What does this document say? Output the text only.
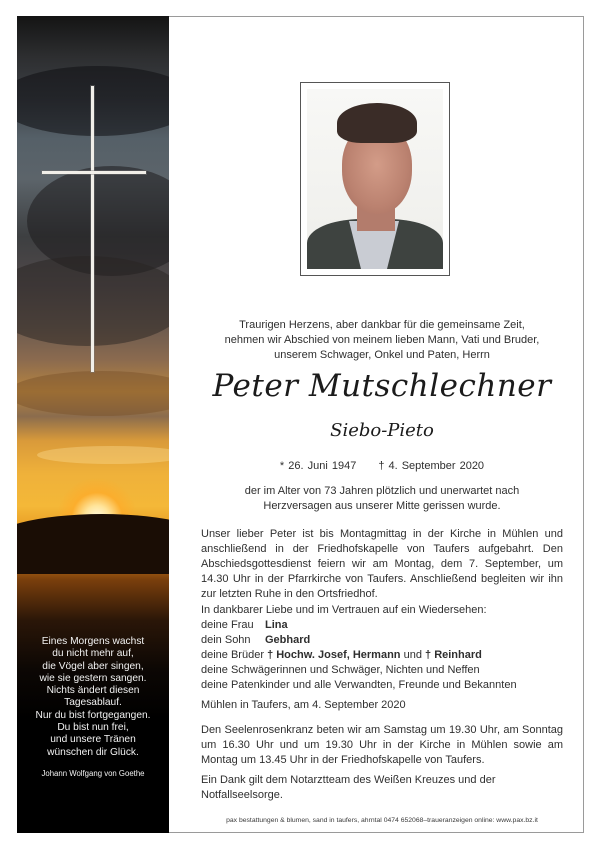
Eines Morgens wachst
du nicht mehr auf,
die Vögel aber singen,
wie sie gestern sangen.
Nichts ändert diesen
Tagesablauf.
Nur du bist fortgegangen.
Du bist nun frei,
und unsere Tränen
wünschen dir Glück.
Johann Wolfgang von Goethe
Traurigen Herzens, aber dankbar für die gemeinsame Zeit,
nehmen wir Abschied von meinem lieben Mann, Vati und Bruder,
unserem Schwager, Onkel und Paten, Herrn
Peter Mutschlechner
Siebo-Pieto
* 26. Juni 1947 † 4. September 2020
der im Alter von 73 Jahren plötzlich und unerwartet nach
Herzversagen aus unserer Mitte gerissen wurde.
Unser lieber Peter ist bis Montagmittag in der Kirche in Mühlen und anschließend in der Friedhofskapelle von Taufers aufgebahrt. Den Abschiedsgottesdienst feiern wir am Montag, dem 7. September, um 14.30 Uhr in der Pfarrkirche von Taufers. Anschließend begleiten wir ihn zur letzten Ruhe in den Ortsfriedhof.
In dankbarer Liebe und im Vertrauen auf ein Wiedersehen:
deine Frau	Lina
dein Sohn	Gebhard
deine Brüder
† Hochw. Josef, Hermann
und
† Reinhard
deine Schwägerinnen und Schwäger, Nichten und Neffen
deine Patenkinder und alle Verwandten, Freunde und Bekannten
Mühlen in Taufers, am 4. September 2020
Den Seelenrosenkranz beten wir am Samstag um 19.30 Uhr, am Sonntag um 16.30 Uhr und um 19.30 Uhr in der Kirche in Mühlen sowie am Montag um 13.45 Uhr in der Friedhofskapelle von Taufers.
Ein Dank gilt dem Notarztteam des Weißen Kreuzes und der Notfallseelsorge.
pax bestattungen & blumen, sand in taufers, ahrntal 0474 652068–traueranzeigen online: www.pax.bz.it
